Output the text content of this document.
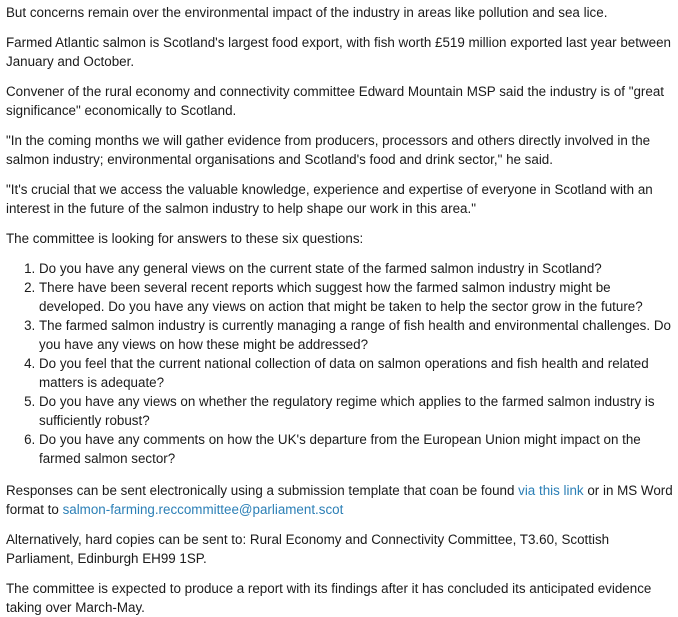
But concerns remain over the environmental impact of the industry in areas like pollution and sea lice.

Farmed Atlantic salmon is Scotland's largest food export, with fish worth £519 million exported last year between January and October.

Convener of the rural economy and connectivity committee Edward Mountain MSP said the industry is of "great significance" economically to Scotland.

"In the coming months we will gather evidence from producers, processors and others directly involved in the salmon industry; environmental organisations and Scotland's food and drink sector," he said.

"It's crucial that we access the valuable knowledge, experience and expertise of everyone in Scotland with an interest in the future of the salmon industry to help shape our work in this area."

The committee is looking for answers to these six questions:

1. Do you have any general views on the current state of the farmed salmon industry in Scotland?
2. There have been several recent reports which suggest how the farmed salmon industry might be developed. Do you have any views on action that might be taken to help the sector grow in the future?
3. The farmed salmon industry is currently managing a range of fish health and environmental challenges. Do you have any views on how these might be addressed?
4. Do you feel that the current national collection of data on salmon operations and fish health and related matters is adequate?
5. Do you have any views on whether the regulatory regime which applies to the farmed salmon industry is sufficiently robust?
6. Do you have any comments on how the UK's departure from the European Union might impact on the farmed salmon sector?

Responses can be sent electronically using a submission template that coan be found via this link or in MS Word format to salmon-farming.reccommittee@parliament.scot

Alternatively, hard copies can be sent to: Rural Economy and Connectivity Committee, T3.60, Scottish Parliament, Edinburgh EH99 1SP.

The committee is expected to produce a report with its findings after it has concluded its anticipated evidence taking over March-May.
